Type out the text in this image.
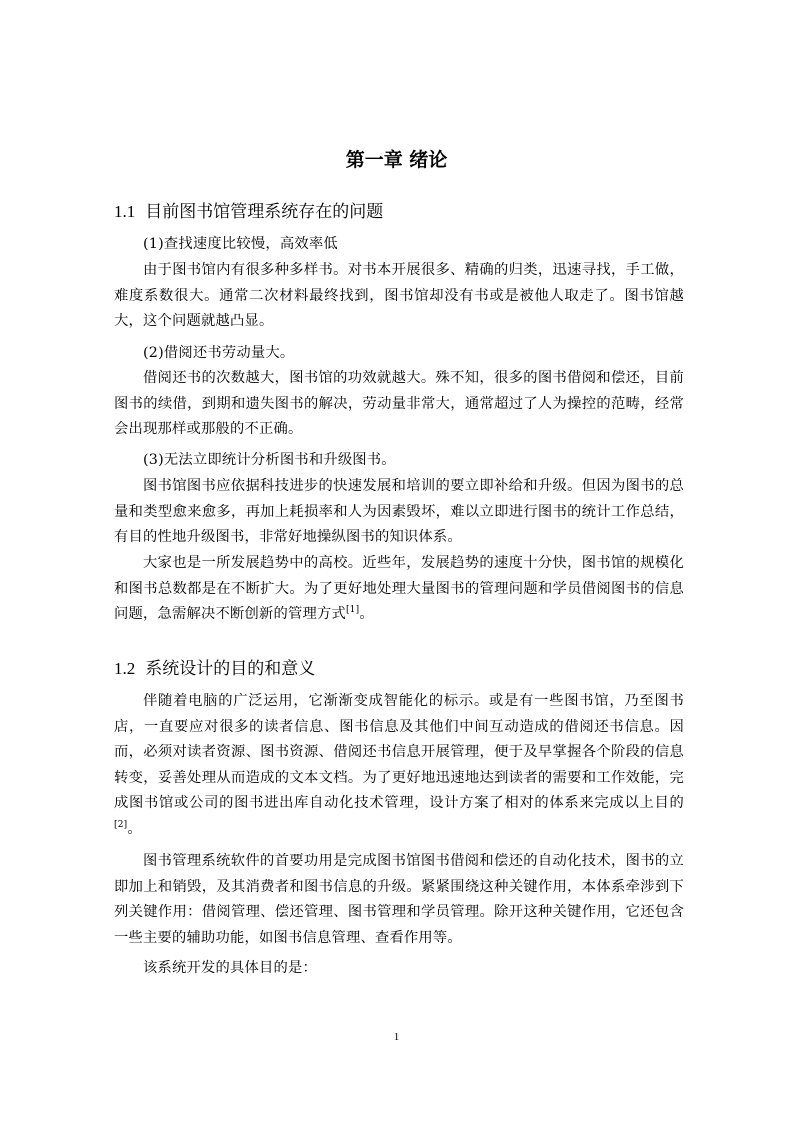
第一章 绪论
1.1 目前图书馆管理系统存在的问题

(1)查找速度比较慢，高效率低

由于图书馆内有很多种多样书。对书本开展很多、精确的归类，迅速寻找，手工做，难度系数很大。通常二次材料最终找到，图书馆却没有书或是被他人取走了。图书馆越大，这个问题就越凸显。

(2)借阅还书劳动量大。

借阅还书的次数越大，图书馆的功效就越大。殊不知，很多的图书借阅和偿还，目前图书的续借，到期和遗失图书的解决，劳动量非常大，通常超过了人为操控的范畴，经常会出现那样或那般的不正确。

(3)无法立即统计分析图书和升级图书。

图书馆图书应依据科技进步的快速发展和培训的要立即补给和升级。但因为图书的总量和类型愈来愈多，再加上耗损率和人为因素毁坏，难以立即进行图书的统计工作总结，有目的性地升级图书，非常好地操纵图书的知识体系。

大家也是一所发展趋势中的高校。近些年，发展趋势的速度十分快，图书馆的规模化和图书总数都是在不断扩大。为了更好地处理大量图书的管理问题和学员借阅图书的信息问题，急需解决不断创新的管理方式[1]。

1.2 系统设计的目的和意义

伴随着电脑的广泛运用，它渐渐变成智能化的标示。或是有一些图书馆，乃至图书店，一直要应对很多的读者信息、图书信息及其他们中间互动造成的借阅还书信息。因而，必须对读者资源、图书资源、借阅还书信息开展管理，便于及早掌握各个阶段的信息转变，妥善处理从而造成的文本文档。为了更好地迅速地达到读者的需要和工作效能，完成图书馆或公司的图书进出库自动化技术管理，设计方案了相对的体系来完成以上目的[2]。

图书管理系统软件的首要功用是完成图书馆图书借阅和偿还的自动化技术，图书的立即加上和销毁，及其消费者和图书信息的升级。紧紧围绕这种关键作用，本体系牵涉到下列关键作用：借阅管理、偿还管理、图书管理和学员管理。除开这种关键作用，它还包含一些主要的辅助功能，如图书信息管理、查看作用等。

该系统开发的具体目的是：

1
